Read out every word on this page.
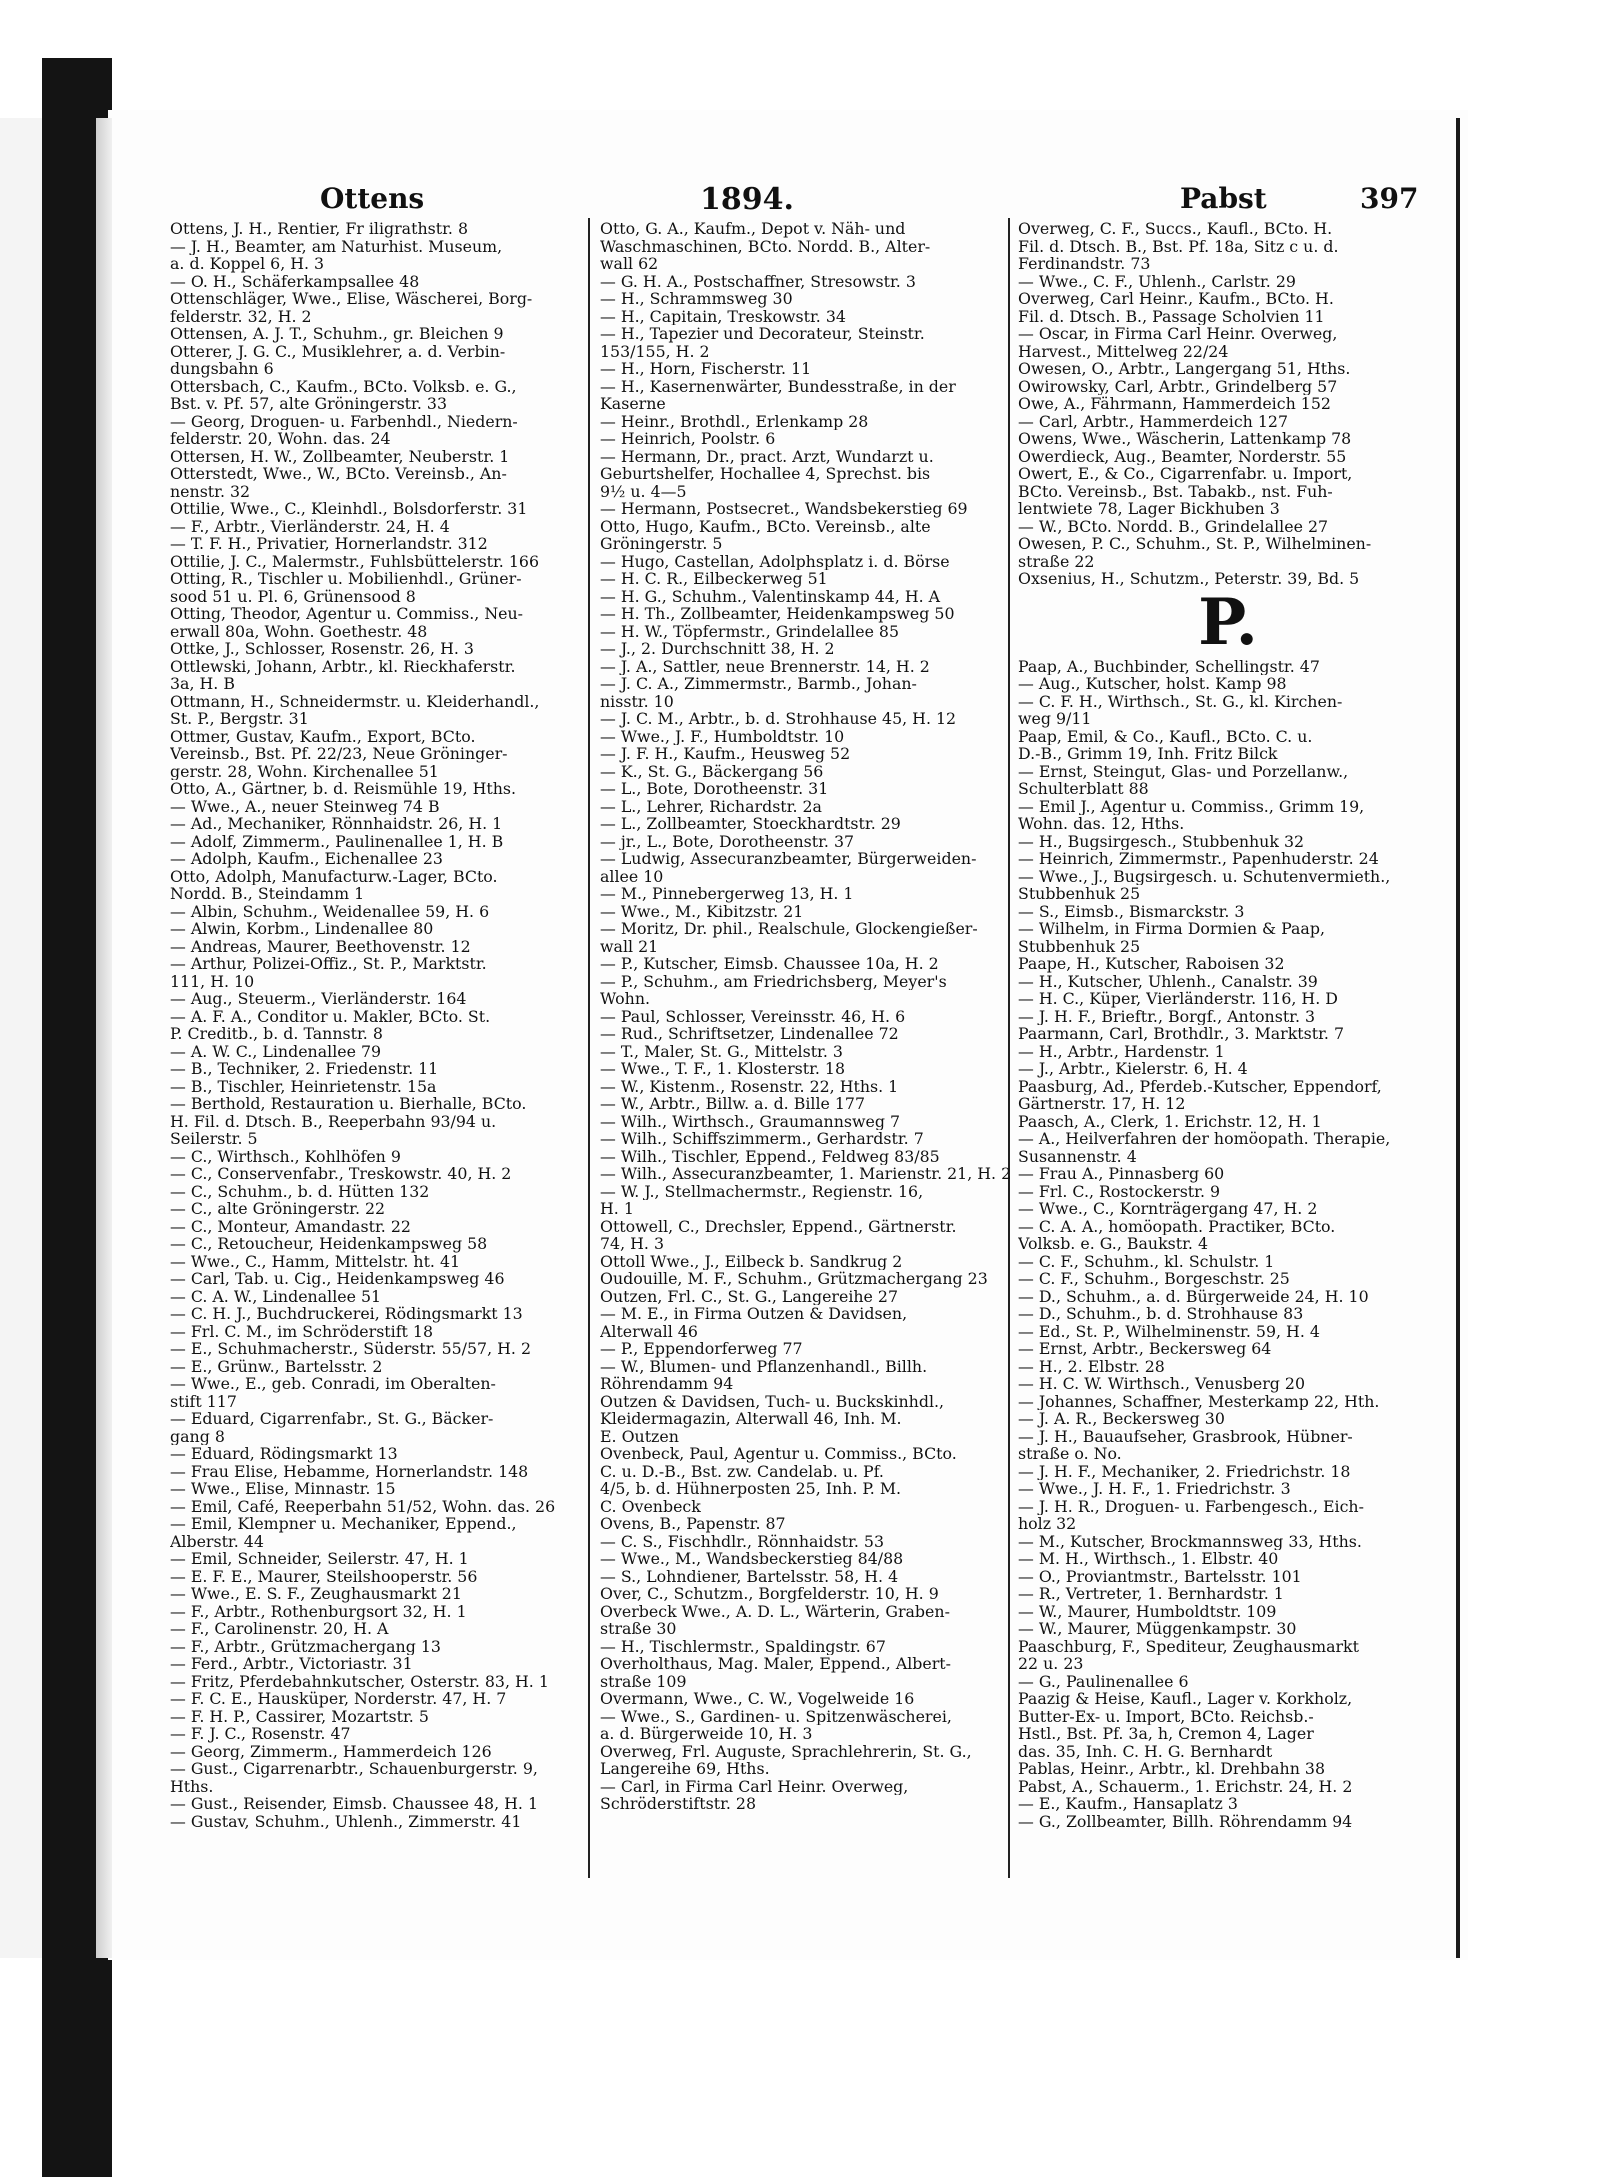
Ottens	1894.	Pabst	397
Ottens, J. H., Rentier, Fr iligrathstr. 8
— J. H., Beamter, am Naturhist. Museum,
a. d. Koppel 6, H. 3
— O. H., Schäferkampsallee 48
Ottenschläger, Wwe., Elise, Wäscherei, Borg-
felderstr. 32, H. 2
Ottensen, A. J. T., Schuhm., gr. Bleichen 9
Otterer, J. G. C., Musiklehrer, a. d. Verbin-
dungsbahn 6
Ottersbach, C., Kaufm., BCto. Volksb. e. G.,
Bst. v. Pf. 57, alte Gröningerstr. 33
— Georg, Droguen- u. Farbenhdl., Niedern-
felderstr. 20, Wohn. das. 24
Ottersen, H. W., Zollbeamter, Neuberstr. 1
Otterstedt, Wwe., W., BCto. Vereinsb., An-
nenstr. 32
Ottilie, Wwe., C., Kleinhdl., Bolsdorferstr. 31
— F., Arbtr., Vierländerstr. 24, H. 4
— T. F. H., Privatier, Hornerlandstr. 312
Ottilie, J. C., Malermstr., Fuhlsbüttelerstr. 166
Otting, R., Tischler u. Mobilienhdl., Grüner-
sood 51 u. Pl. 6, Grünensood 8
Otting, Theodor, Agentur u. Commiss., Neu-
erwall 80a, Wohn. Goethestr. 48
Ottke, J., Schlosser, Rosenstr. 26, H. 3
Ottlewski, Johann, Arbtr., kl. Rieckhaferstr.
3a, H. B
Ottmann, H., Schneidermstr. u. Kleiderhandl.,
St. P., Bergstr. 31
Ottmer, Gustav, Kaufm., Export, BCto.
Vereinsb., Bst. Pf. 22/23, Neue Gröninger-
gerstr. 28, Wohn. Kirchenallee 51
Otto, A., Gärtner, b. d. Reismühle 19, Hths.
— Wwe., A., neuer Steinweg 74 B
— Ad., Mechaniker, Rönnhaidstr. 26, H. 1
— Adolf, Zimmerm., Paulinenallee 1, H. B
— Adolph, Kaufm., Eichenallee 23
Otto, Adolph, Manufacturw.-Lager, BCto.
Nordd. B., Steindamm 1
— Albin, Schuhm., Weidenallee 59, H. 6
— Alwin, Korbm., Lindenallee 80
— Andreas, Maurer, Beethovenstr. 12
— Arthur, Polizei-Offiz., St. P., Marktstr.
111, H. 10
— Aug., Steuerm., Vierländerstr. 164
— A. F. A., Conditor u. Makler, BCto. St.
P. Creditb., b. d. Tannstr. 8
— A. W. C., Lindenallee 79
— B., Techniker, 2. Friedenstr. 11
— B., Tischler, Heinrietenstr. 15a
— Berthold, Restauration u. Bierhalle, BCto.
H. Fil. d. Dtsch. B., Reeperbahn 93/94 u.
Seilerstr. 5
— C., Wirthsch., Kohlhöfen 9
— C., Conservenfabr., Treskowstr. 40, H. 2
— C., Schuhm., b. d. Hütten 132
— C., alte Gröningerstr. 22
— C., Monteur, Amandastr. 22
— C., Retoucheur, Heidenkampsweg 58
— Wwe., C., Hamm, Mittelstr. ht. 41
— Carl, Tab. u. Cig., Heidenkampsweg 46
— C. A. W., Lindenallee 51
— C. H. J., Buchdruckerei, Rödingsmarkt 13
— Frl. C. M., im Schröderstift 18
— E., Schuhmacherstr., Süderstr. 55/57, H. 2
— E., Grünw., Bartelsstr. 2
— Wwe., E., geb. Conradi, im Oberalten-
stift 117
— Eduard, Cigarrenfabr., St. G., Bäcker-
gang 8
— Eduard, Rödingsmarkt 13
— Frau Elise, Hebamme, Hornerlandstr. 148
— Wwe., Elise, Minnastr. 15
— Emil, Café, Reeperbahn 51/52, Wohn. das. 26
— Emil, Klempner u. Mechaniker, Eppend.,
Alberstr. 44
— Emil, Schneider, Seilerstr. 47, H. 1
— E. F. E., Maurer, Steilshooperstr. 56
— Wwe., E. S. F., Zeughausmarkt 21
— F., Arbtr., Rothenburgsort 32, H. 1
— F., Carolinenstr. 20, H. A
— F., Arbtr., Grützmachergang 13
— Ferd., Arbtr., Victoriastr. 31
— Fritz, Pferdebahnkutscher, Osterstr. 83, H. 1
— F. C. E., Hausküper, Norderstr. 47, H. 7
— F. H. P., Cassirer, Mozartstr. 5
— F. J. C., Rosenstr. 47
— Georg, Zimmerm., Hammerdeich 126
— Gust., Cigarrenarbtr., Schauenburgerstr. 9,
Hths.
— Gust., Reisender, Eimsb. Chaussee 48, H. 1
— Gustav, Schuhm., Uhlenh., Zimmerstr. 41
Otto, G. A., Kaufm., Depot v. Näh- und
Waschmaschinen, BCto. Nordd. B., Alter-
wall 62
— G. H. A., Postschaffner, Stresowstr. 3
— H., Schrammsweg 30
— H., Capitain, Treskowstr. 34
— H., Tapezier und Decorateur, Steinstr.
153/155, H. 2
— H., Horn, Fischerstr. 11
— H., Kasernenwärter, Bundesstraße, in der
Kaserne
— Heinr., Brothdl., Erlenkamp 28
— Heinrich, Poolstr. 6
— Hermann, Dr., pract. Arzt, Wundarzt u.
Geburtshelfer, Hochallee 4, Sprechst. bis
9½ u. 4—5
— Hermann, Postsecret., Wandsbekerstieg 69
Otto, Hugo, Kaufm., BCto. Vereinsb., alte
Gröningerstr. 5
— Hugo, Castellan, Adolphsplatz i. d. Börse
— H. C. R., Eilbeckerweg 51
— H. G., Schuhm., Valentinskamp 44, H. A
— H. Th., Zollbeamter, Heidenkampsweg 50
— H. W., Töpfermstr., Grindelallee 85
— J., 2. Durchschnitt 38, H. 2
— J. A., Sattler, neue Brennerstr. 14, H. 2
— J. C. A., Zimmermstr., Barmb., Johan-
nisstr. 10
— J. C. M., Arbtr., b. d. Strohhause 45, H. 12
— Wwe., J. F., Humboldtstr. 10
— J. F. H., Kaufm., Heusweg 52
— K., St. G., Bäckergang 56
— L., Bote, Dorotheenstr. 31
— L., Lehrer, Richardstr. 2a
— L., Zollbeamter, Stoeckhardtstr. 29
— jr., L., Bote, Dorotheenstr. 37
— Ludwig, Assecuranzbeamter, Bürgerweiden-
allee 10
— M., Pinnebergerweg 13, H. 1
— Wwe., M., Kibitzstr. 21
— Moritz, Dr. phil., Realschule, Glockengießer-
wall 21
— P., Kutscher, Eimsb. Chaussee 10a, H. 2
— P., Schuhm., am Friedrichsberg, Meyer's
Wohn.
— Paul, Schlosser, Vereinsstr. 46, H. 6
— Rud., Schriftsetzer, Lindenallee 72
— T., Maler, St. G., Mittelstr. 3
— Wwe., T. F., 1. Klosterstr. 18
— W., Kistenm., Rosenstr. 22, Hths. 1
— W., Arbtr., Billw. a. d. Bille 177
— Wilh., Wirthsch., Graumannsweg 7
— Wilh., Schiffszimmerm., Gerhardstr. 7
— Wilh., Tischler, Eppend., Feldweg 83/85
— Wilh., Assecuranzbeamter, 1. Marienstr. 21, H. 2
— W. J., Stellmachermstr., Regienstr. 16,
H. 1
Ottowell, C., Drechsler, Eppend., Gärtnerstr.
74, H. 3
Ottoll Wwe., J., Eilbeck b. Sandkrug 2
Oudouille, M. F., Schuhm., Grützmachergang 23
Outzen, Frl. C., St. G., Langereihe 27
— M. E., in Firma Outzen & Davidsen,
Alterwall 46
— P., Eppendorferweg 77
— W., Blumen- und Pflanzenhandl., Billh.
Röhrendamm 94
Outzen & Davidsen, Tuch- u. Buckskinhdl.,
Kleidermagazin, Alterwall 46, Inh. M.
E. Outzen
Ovenbeck, Paul, Agentur u. Commiss., BCto.
C. u. D.-B., Bst. zw. Candelab. u. Pf.
4/5, b. d. Hühnerposten 25, Inh. P. M.
C. Ovenbeck
Ovens, B., Papenstr. 87
— C. S., Fischhdlr., Rönnhaidstr. 53
— Wwe., M., Wandsbeckerstieg 84/88
— S., Lohndiener, Bartelsstr. 58, H. 4
Over, C., Schutzm., Borgfelderstr. 10, H. 9
Overbeck Wwe., A. D. L., Wärterin, Graben-
straße 30
— H., Tischlermstr., Spaldingstr. 67
Overholthaus, Mag. Maler, Eppend., Albert-
straße 109
Overmann, Wwe., C. W., Vogelweide 16
— Wwe., S., Gardinen- u. Spitzenwäscherei,
a. d. Bürgerweide 10, H. 3
Overweg, Frl. Auguste, Sprachlehrerin, St. G.,
Langereihe 69, Hths.
— Carl, in Firma Carl Heinr. Overweg,
Schröderstiftstr. 28
Overweg, C. F., Succs., Kaufl., BCto. H.
Fil. d. Dtsch. B., Bst. Pf. 18a, Sitz c u. d.
Ferdinandstr. 73
— Wwe., C. F., Uhlenh., Carlstr. 29
Overweg, Carl Heinr., Kaufm., BCto. H.
Fil. d. Dtsch. B., Passage Scholvien 11
— Oscar, in Firma Carl Heinr. Overweg,
Harvest., Mittelweg 22/24
Owesen, O., Arbtr., Langergang 51, Hths.
Owirowsky, Carl, Arbtr., Grindelberg 57
Owe, A., Fährmann, Hammerdeich 152
— Carl, Arbtr., Hammerdeich 127
Owens, Wwe., Wäscherin, Lattenkamp 78
Owerdieck, Aug., Beamter, Norderstr. 55
Owert, E., & Co., Cigarrenfabr. u. Import,
BCto. Vereinsb., Bst. Tabakb., nst. Fuh-
lentwiete 78, Lager Bickhuben 3
— W., BCto. Nordd. B., Grindelallee 27
Owesen, P. C., Schuhm., St. P., Wilhelminen-
straße 22
Oxsenius, H., Schutzm., Peterstr. 39, Bd. 5
P.
Paap, A., Buchbinder, Schellingstr. 47
— Aug., Kutscher, holst. Kamp 98
— C. F. H., Wirthsch., St. G., kl. Kirchen-
weg 9/11
Paap, Emil, & Co., Kaufl., BCto. C. u.
D.-B., Grimm 19, Inh. Fritz Bilck
— Ernst, Steingut, Glas- und Porzellanw.,
Schulterblatt 88
— Emil J., Agentur u. Commiss., Grimm 19,
Wohn. das. 12, Hths.
— H., Bugsirgesch., Stubbenhuk 32
— Heinrich, Zimmermstr., Papenhuderstr. 24
— Wwe., J., Bugsirgesch. u. Schutenvermieth.,
Stubbenhuk 25
— S., Eimsb., Bismarckstr. 3
— Wilhelm, in Firma Dormien & Paap,
Stubbenhuk 25
Paape, H., Kutscher, Raboisen 32
— H., Kutscher, Uhlenh., Canalstr. 39
— H. C., Küper, Vierländerstr. 116, H. D
— J. H. F., Brieftr., Borgf., Antonstr. 3
Paarmann, Carl, Brothdlr., 3. Marktstr. 7
— H., Arbtr., Hardenstr. 1
— J., Arbtr., Kielerstr. 6, H. 4
Paasburg, Ad., Pferdeb.-Kutscher, Eppendorf,
Gärtnerstr. 17, H. 12
Paasch, A., Clerk, 1. Erichstr. 12, H. 1
— A., Heilverfahren der homöopath. Therapie,
Susannenstr. 4
— Frau A., Pinnasberg 60
— Frl. C., Rostockerstr. 9
— Wwe., C., Kornträgergang 47, H. 2
— C. A. A., homöopath. Practiker, BCto.
Volksb. e. G., Baukstr. 4
— C. F., Schuhm., kl. Schulstr. 1
— C. F., Schuhm., Borgeschstr. 25
— D., Schuhm., a. d. Bürgerweide 24, H. 10
— D., Schuhm., b. d. Strohhause 83
— Ed., St. P., Wilhelminenstr. 59, H. 4
— Ernst, Arbtr., Beckersweg 64
— H., 2. Elbstr. 28
— H. C. W. Wirthsch., Venusberg 20
— Johannes, Schaffner, Mesterkamp 22, Hth.
— J. A. R., Beckersweg 30
— J. H., Bauaufseher, Grasbrook, Hübner-
straße o. No.
— J. H. F., Mechaniker, 2. Friedrichstr. 18
— Wwe., J. H. F., 1. Friedrichstr. 3
— J. H. R., Droguen- u. Farbengesch., Eich-
holz 32
— M., Kutscher, Brockmannsweg 33, Hths.
— M. H., Wirthsch., 1. Elbstr. 40
— O., Proviantmstr., Bartelsstr. 101
— R., Vertreter, 1. Bernhardstr. 1
— W., Maurer, Humboldtstr. 109
— W., Maurer, Müggenkampstr. 30
Paaschburg, F., Spediteur, Zeughausmarkt
22 u. 23
— G., Paulinenallee 6
Paazig & Heise, Kaufl., Lager v. Korkholz,
Butter-Ex- u. Import, BCto. Reichsb.-
Hstl., Bst. Pf. 3a, h, Cremon 4, Lager
das. 35, Inh. C. H. G. Bernhardt
Pablas, Heinr., Arbtr., kl. Drehbahn 38
Pabst, A., Schauerm., 1. Erichstr. 24, H. 2
— E., Kaufm., Hansaplatz 3
— G., Zollbeamter, Billh. Röhrendamm 94
